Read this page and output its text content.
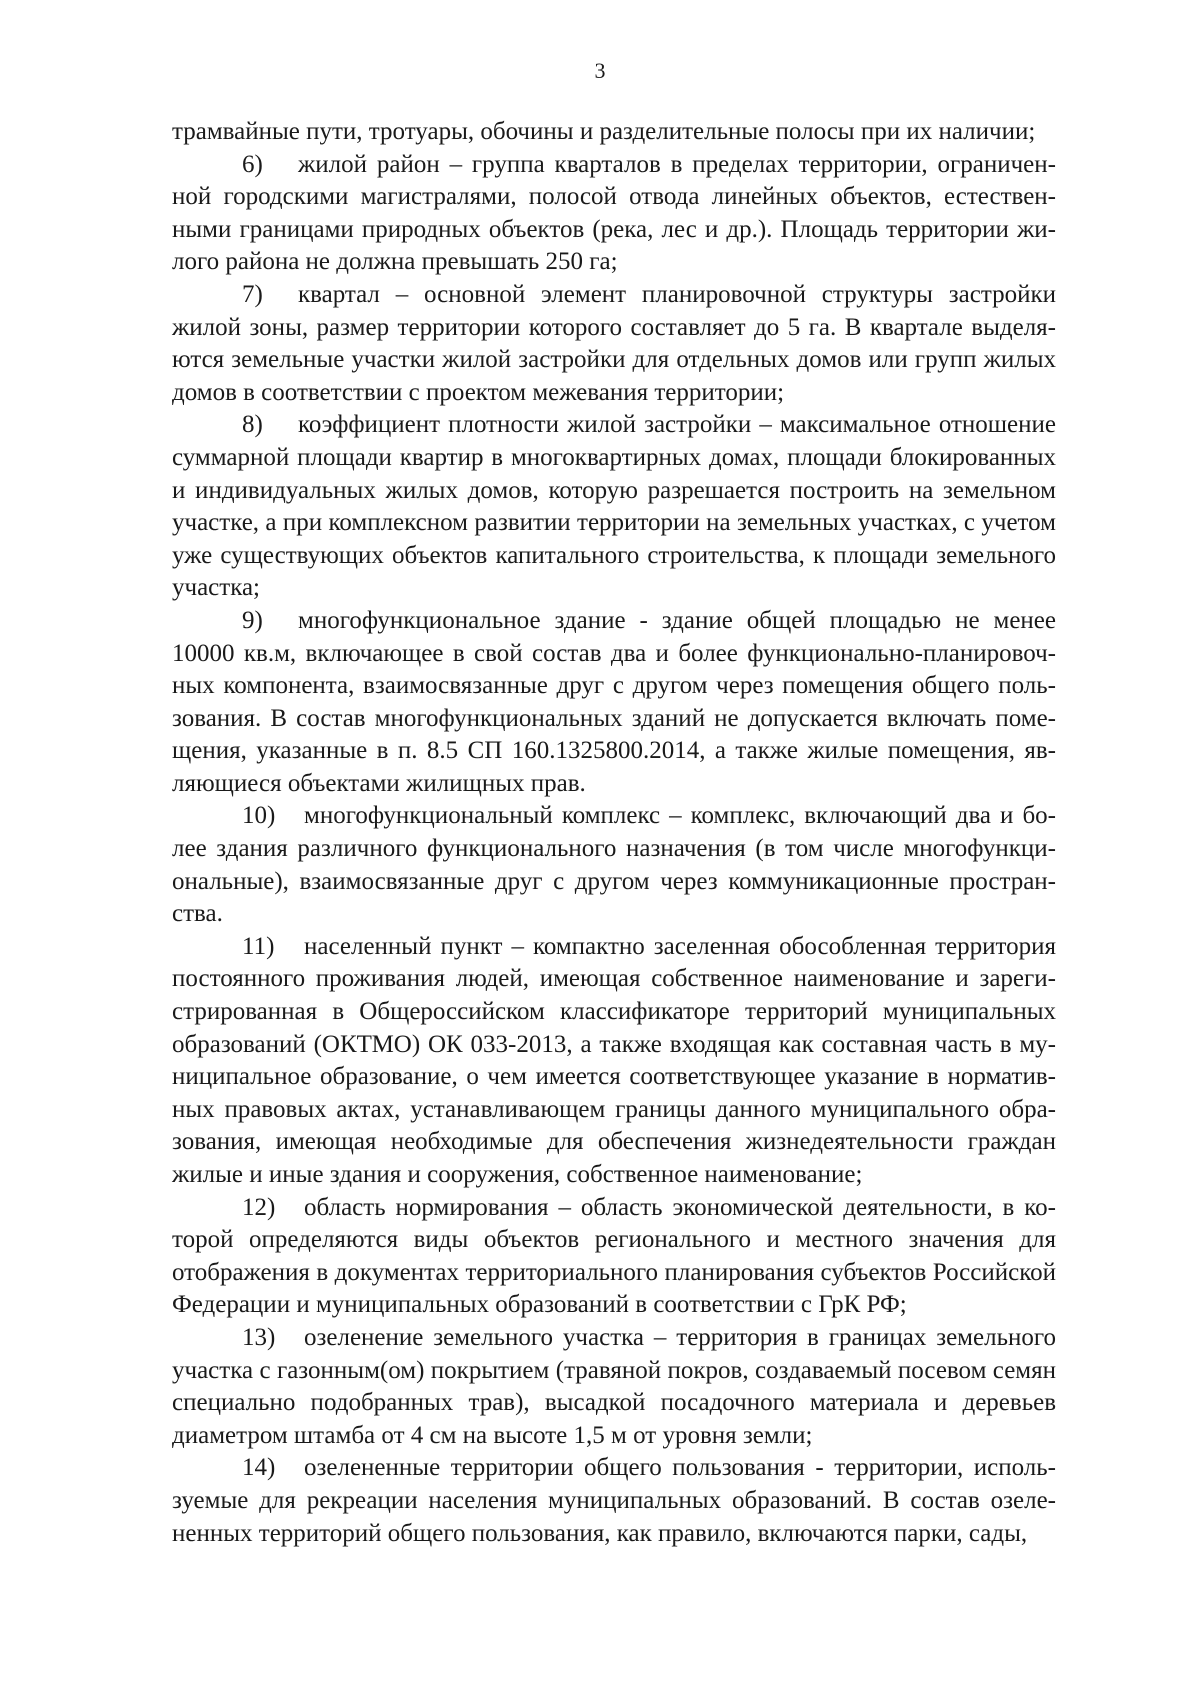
3

трамвайные пути, тротуары, обочины и разделительные полосы при их наличии;

6) жилой район – группа кварталов в пределах территории, ограниченной городскими магистралями, полосой отвода линейных объектов, естественными границами природных объектов (река, лес и др.). Площадь территории жилого района не должна превышать 250 га;

7) квартал – основной элемент планировочной структуры застройки жилой зоны, размер территории которого составляет до 5 га. В квартале выделяются земельные участки жилой застройки для отдельных домов или групп жилых домов в соответствии с проектом межевания территории;

8) коэффициент плотности жилой застройки – максимальное отношение суммарной площади квартир в многоквартирных домах, площади блокированных и индивидуальных жилых домов, которую разрешается построить на земельном участке, а при комплексном развитии территории на земельных участках, с учетом уже существующих объектов капитального строительства, к площади земельного участка;

9) многофункциональное здание - здание общей площадью не менее 10000 кв.м, включающее в свой состав два и более функционально-планировочных компонента, взаимосвязанные друг с другом через помещения общего пользования. В состав многофункциональных зданий не допускается включать помещения, указанные в п. 8.5 СП 160.1325800.2014, а также жилые помещения, являющиеся объектами жилищных прав.

10) многофункциональный комплекс – комплекс, включающий два и более здания различного функционального назначения (в том числе многофункциональные), взаимосвязанные друг с другом через коммуникационные пространства.

11) населенный пункт – компактно заселенная обособленная территория постоянного проживания людей, имеющая собственное наименование и зарегистрированная в Общероссийском классификаторе территорий муниципальных образований (ОКТМО) ОК 033-2013, а также входящая как составная часть в муниципальное образование, о чем имеется соответствующее указание в нормативных правовых актах, устанавливающем границы данного муниципального образования, имеющая необходимые для обеспечения жизнедеятельности граждан жилые и иные здания и сооружения, собственное наименование;

12) область нормирования – область экономической деятельности, в которой определяются виды объектов регионального и местного значения для отображения в документах территориального планирования субъектов Российской Федерации и муниципальных образований в соответствии с ГрК РФ;

13) озеленение земельного участка – территория в границах земельного участка с газонным(ом) покрытием (травяной покров, создаваемый посевом семян специально подобранных трав), высадкой посадочного материала и деревьев диаметром штамба от 4 см на высоте 1,5 м от уровня земли;

14) озелененные территории общего пользования - территории, используемые для рекреации населения муниципальных образований. В состав озелененных территорий общего пользования, как правило, включаются парки, сады,
